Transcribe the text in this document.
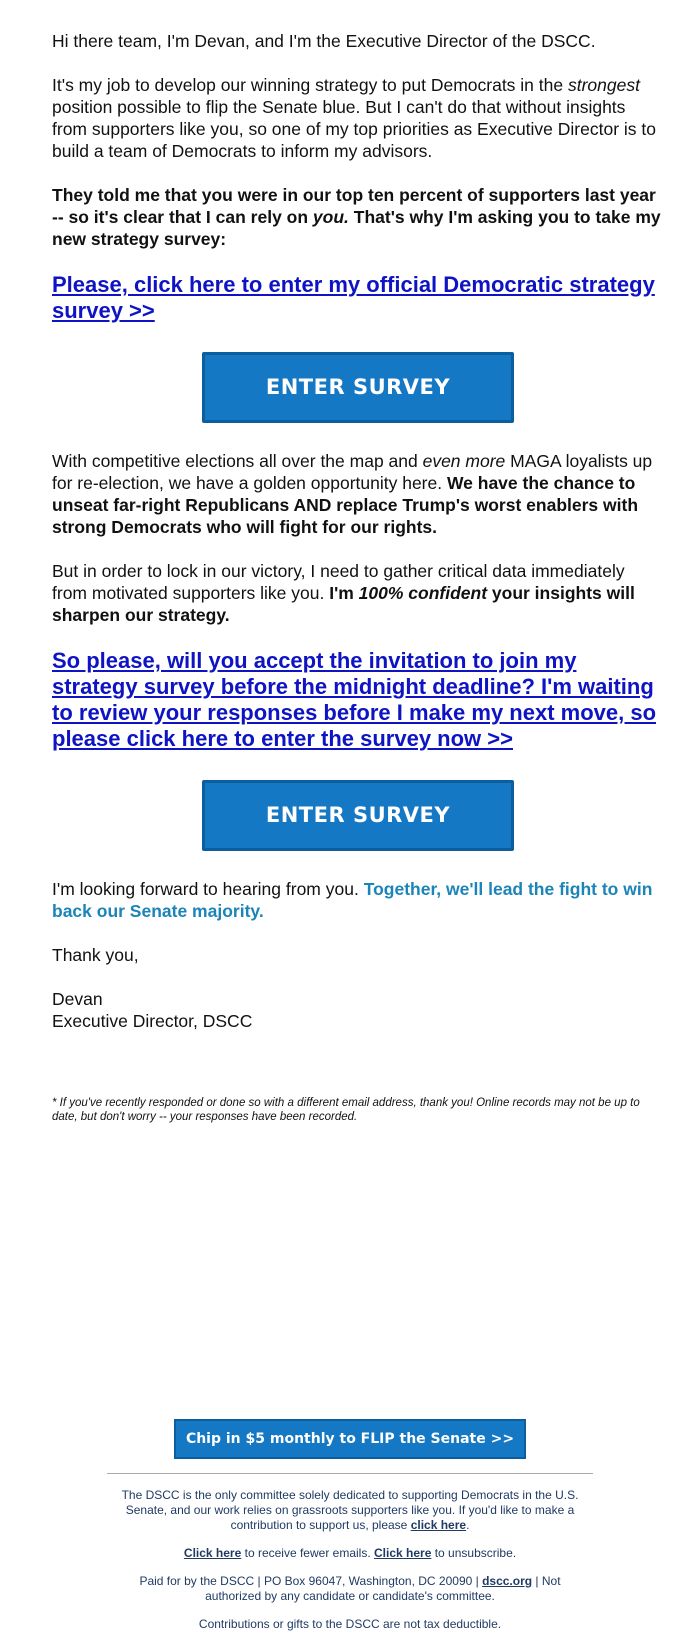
Hi there team, I'm Devan, and I'm the Executive Director of the DSCC.

It's my job to develop our winning strategy to put Democrats in the strongest position possible to flip the Senate blue. But I can't do that without insights from supporters like you, so one of my top priorities as Executive Director is to build a team of Democrats to inform my advisors.

They told me that you were in our top ten percent of supporters last year -- so it's clear that I can rely on you. That's why I'm asking you to take my new strategy survey:

Please, click here to enter my official Democratic strategy survey >>
ENTER SURVEY

With competitive elections all over the map and even more MAGA loyalists up for re-election, we have a golden opportunity here. We have the chance to unseat far-right Republicans AND replace Trump's worst enablers with strong Democrats who will fight for our rights.

But in order to lock in our victory, I need to gather critical data immediately from motivated supporters like you. I'm 100% confident your insights will sharpen our strategy.

So please, will you accept the invitation to join my strategy survey before the midnight deadline? I'm waiting to review your responses before I make my next move, so please click here to enter the survey now >>
ENTER SURVEY

I'm looking forward to hearing from you. Together, we'll lead the fight to win back our Senate majority.

Thank you,

Devan

Executive Director, DSCC

* If you've recently responded or done so with a different email address, thank you! Online records may not be up to date, but don't worry -- your responses have been recorded.

Chip in $5 monthly to FLIP the Senate >>

The DSCC is the only committee solely dedicated to supporting Democrats in the U.S. Senate, and our work relies on grassroots supporters like you. If you'd like to make a contribution to support us, please click here.

Click here to receive fewer emails. Click here to unsubscribe.

Paid for by the DSCC | PO Box 96047, Washington, DC 20090 | dscc.org | Not authorized by any candidate or candidate's committee.

Contributions or gifts to the DSCC are not tax deductible.
